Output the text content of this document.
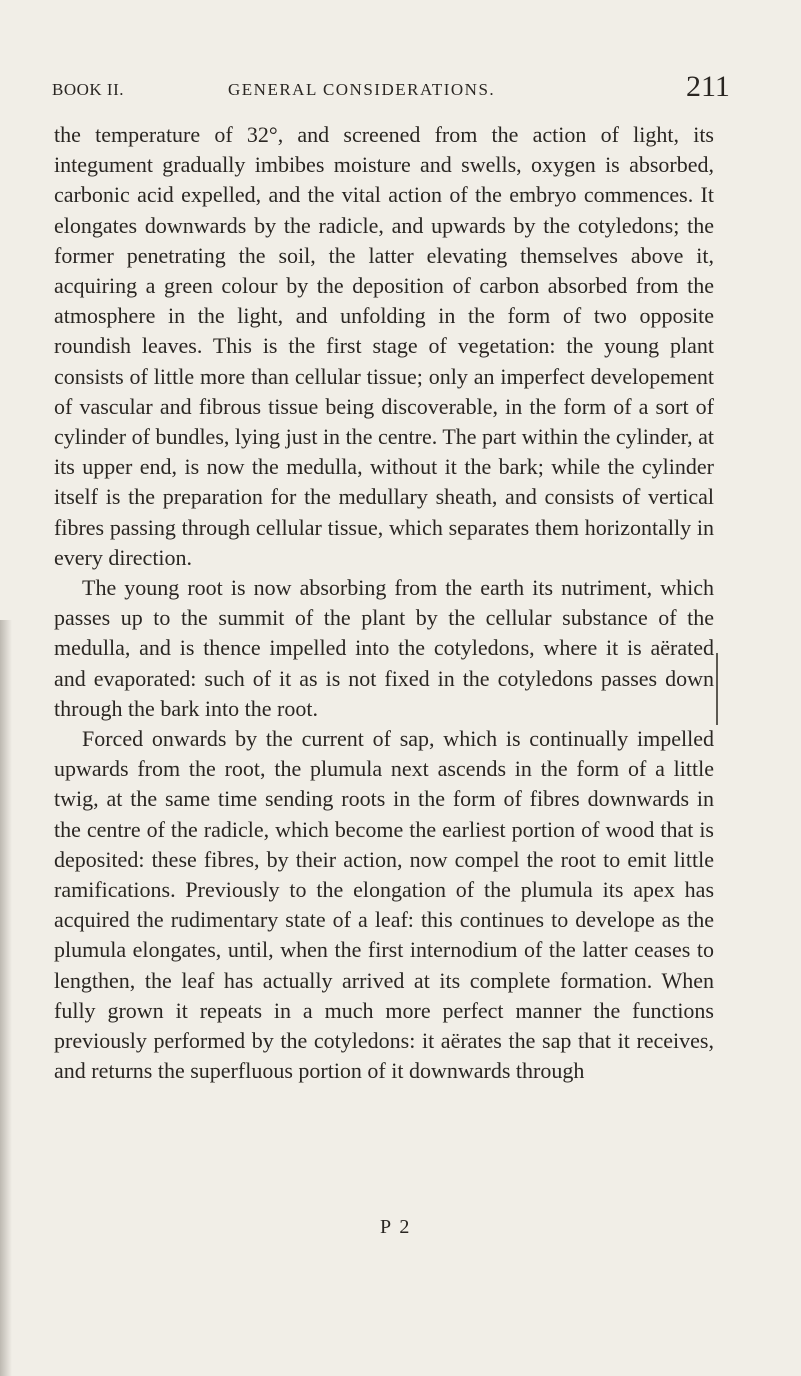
BOOK II.	GENERAL CONSIDERATIONS.	211

the temperature of 32°, and screened from the action of light, its integument gradually imbibes moisture and swells, oxygen is absorbed, carbonic acid expelled, and the vital action of the embryo commences. It elongates downwards by the radicle, and upwards by the cotyledons; the former penetrating the soil, the latter elevating themselves above it, acquiring a green colour by the deposition of carbon absorbed from the atmosphere in the light, and unfolding in the form of two opposite roundish leaves. This is the first stage of vegetation: the young plant consists of little more than cellular tissue; only an imperfect developement of vascular and fibrous tissue being discoverable, in the form of a sort of cylinder of bundles, lying just in the centre. The part within the cylinder, at its upper end, is now the medulla, without it the bark; while the cylinder itself is the preparation for the medullary sheath, and consists of vertical fibres passing through cellular tissue, which separates them horizontally in every direction.

The young root is now absorbing from the earth its nutriment, which passes up to the summit of the plant by the cellular substance of the medulla, and is thence impelled into the cotyledons, where it is aërated and evaporated: such of it as is not fixed in the cotyledons passes down through the bark into the root.

Forced onwards by the current of sap, which is continually impelled upwards from the root, the plumula next ascends in the form of a little twig, at the same time sending roots in the form of fibres downwards in the centre of the radicle, which become the earliest portion of wood that is deposited: these fibres, by their action, now compel the root to emit little ramifications. Previously to the elongation of the plumula its apex has acquired the rudimentary state of a leaf: this continues to develope as the plumula elongates, until, when the first internodium of the latter ceases to lengthen, the leaf has actually arrived at its complete formation. When fully grown it repeats in a much more perfect manner the functions previously performed by the cotyledons: it aërates the sap that it receives, and returns the superfluous portion of it downwards through

P 2
